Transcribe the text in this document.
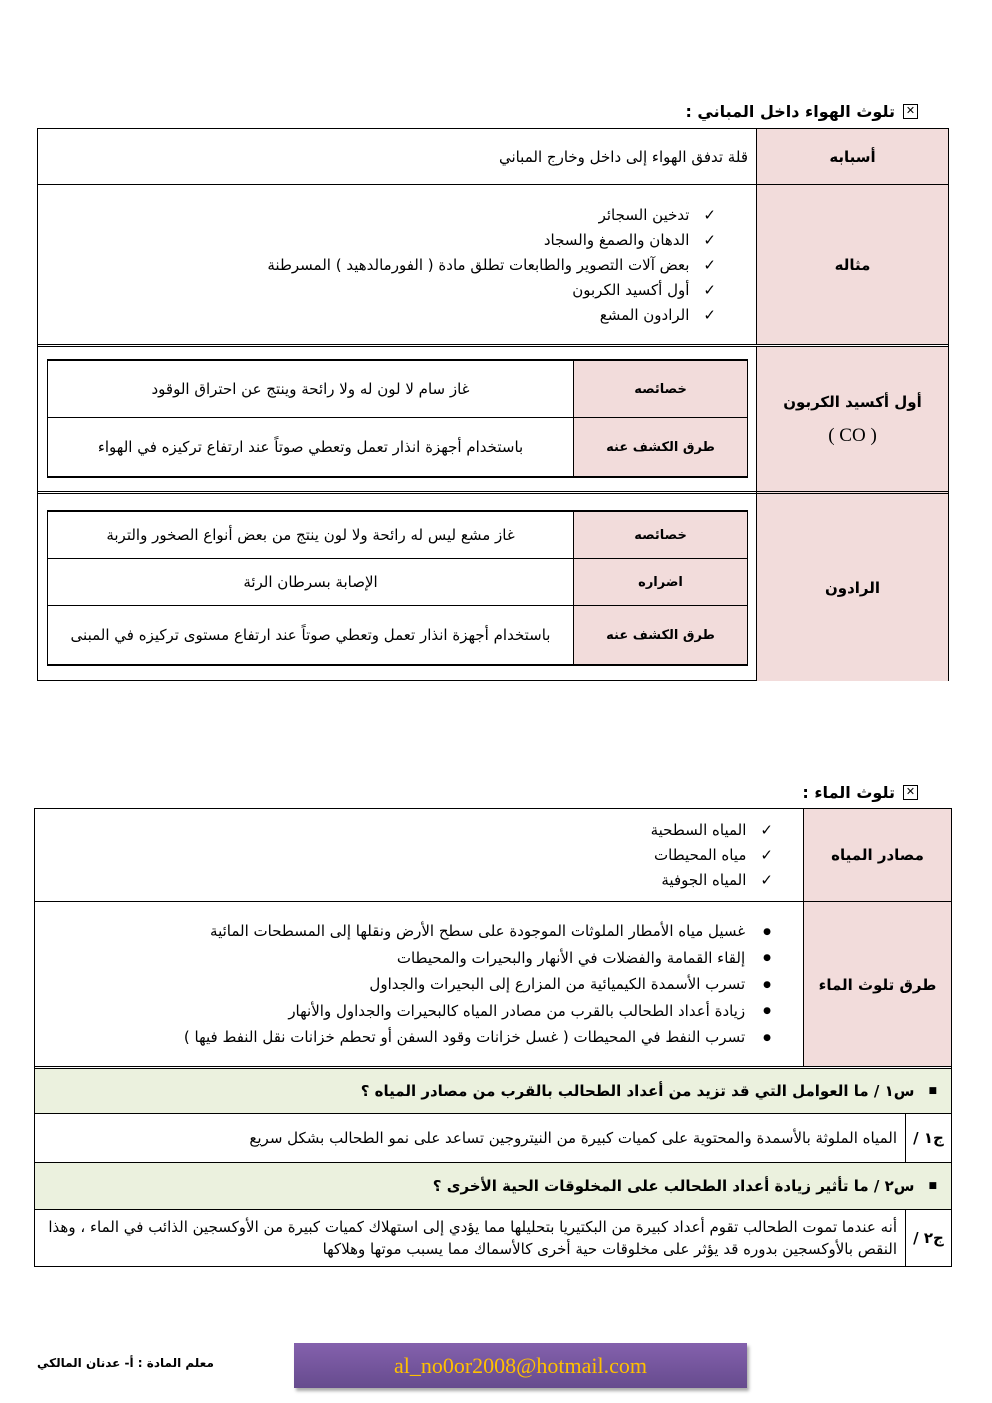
✕
تلوث الهواء داخل المباني :
أسبابه
قلة تدفق الهواء إلى داخل وخارج المباني
مثاله
✓ تدخين السجائر
✓ الدهان والصمغ والسجاد
✓ بعض آلات التصوير والطابعات تطلق مادة ( الفورمالدهيد ) المسرطنة
✓ أول أكسيد الكربون
✓ الرادون المشع
أول أكسيد الكربون
( CO )
خصائصه
غاز سام لا لون له ولا رائحة وينتج عن احتراق الوقود
طرق الكشف عنه
باستخدام أجهزة انذار تعمل وتعطي صوتاً عند ارتفاع تركيزه في الهواء
الرادون
خصائصه
غاز مشع ليس له رائحة ولا لون ينتج من بعض أنواع الصخور والتربة
اضراره
الإصابة بسرطان الرئة
طرق الكشف عنه
باستخدام أجهزة انذار تعمل وتعطي صوتاً عند ارتفاع مستوى تركيزه في المبنى
✕
تلوث الماء :
مصادر المياه
✓ المياه السطحية
✓ مياه المحيطات
✓ المياه الجوفية
طرق تلوث الماء
● غسيل مياه الأمطار الملوثات الموجودة على سطح الأرض ونقلها إلى المسطحات المائية
● إلقاء القمامة والفضلات في الأنهار والبحيرات والمحيطات
● تسرب الأسمدة الكيميائية من المزارع إلى البحيرات والجداول
● زيادة أعداد الطحالب بالقرب من مصادر المياه كالبحيرات والجداول والأنهار
● تسرب النفط في المحيطات ( غسل خزانات وقود السفن أو تحطم خزانات نقل النفط فيها )
■ س١ / ما العوامل التي قد تزيد من أعداد الطحالب بالقرب من مصادر المياه ؟
ج١ /
المياه الملوثة بالأسمدة والمحتوية على كميات كبيرة من النيتروجين تساعد على نمو الطحالب بشكل سريع
■ س٢ / ما تأثير زيادة أعداد الطحالب على المخلوقات الحية الأخرى ؟
ج٢ /
أنه عندما تموت الطحالب تقوم أعداد كبيرة من البكتيريا بتحليلها مما يؤدي إلى استهلاك كميات كبيرة من الأوكسجين الذائب في الماء ، وهذا النقص بالأوكسجين بدوره قد يؤثر على مخلوقات حية أخرى كالأسماك مما يسبب موتها وهلاكها
معلم المادة : أ- عدنان المالكي	al_no0or2008@hotmail.com
